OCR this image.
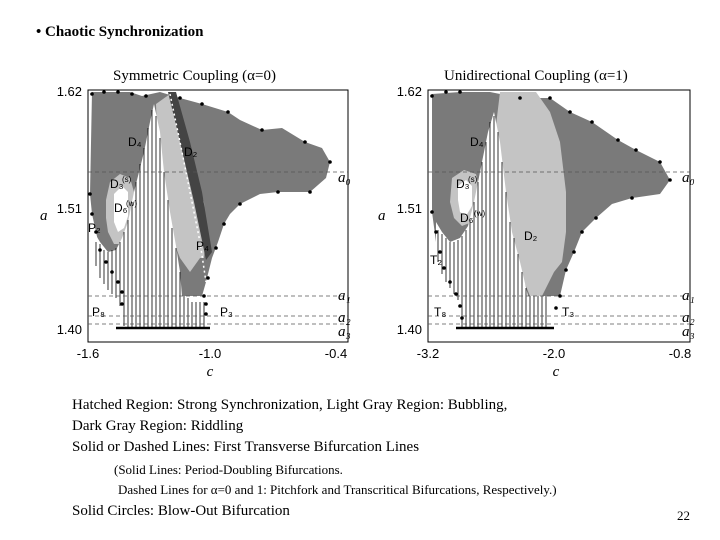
• Chaotic Synchronization
Symmetric Coupling (α=0)	Unidirectional Coupling (α=1)
1.62
1.51
1.40
-1.6	-1.0	-0.4
a
c
a₀
a₁
a₂
a₃
D₄
D₂
D₃
(s)
D₆
(w)
P₂
P₄
P₈	P₃
1.62
1.51
1.40
-3.2	-2.0	-0.8
a
c
a₀
a₁
a₂
a₃
D₄
D₃
(s)
D₆ (w)
D₂
T₂
T₈	T₃
Hatched Region: Strong Synchronization, Light Gray Region: Bubbling,
Dark Gray Region: Riddling
Solid or Dashed Lines: First Transverse Bifurcation Lines
(Solid Lines: Period-Doubling Bifurcations.
Dashed Lines for α=0 and 1: Pitchfork and Transcritical Bifurcations, Respectively.)
Solid Circles: Blow-Out Bifurcation	22
